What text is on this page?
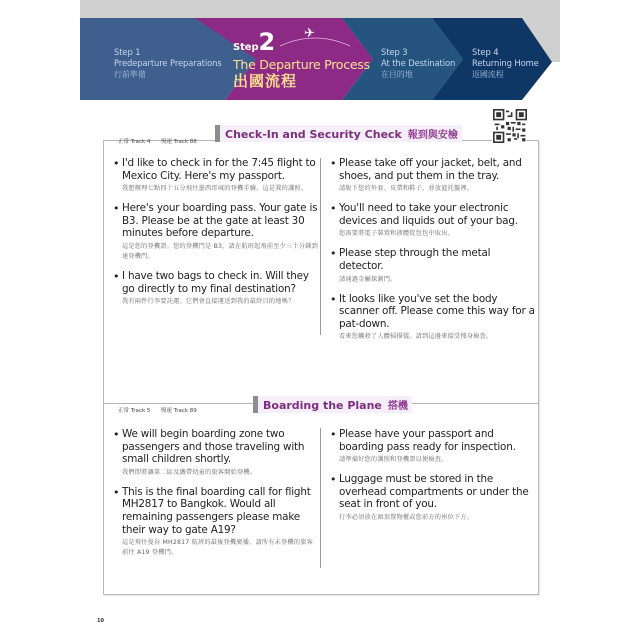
✈
Step 1
Predeparture Preparations
行前準備
Step2
The Departure Process
出國流程
Step 3
At the Destination
在目的地
Step 4
Returning Home
返國流程
正常 Track 4 慢速 Track 88
Check-In and Security Check 報到與安檢
• I'd like to check in for the 7:45 flight to Mexico City. Here's my passport.
我想辦理七點四十五分飛往墨西哥城的登機手續。這是我的護照。
• Here's your boarding pass. Your gate is B3. Please be at the gate at least 30 minutes before departure.
這是您的登機證。您的登機門是 B3。請在航班起飛前至少三十分鐘到達登機門。
• I have two bags to check in. Will they go directly to my final destination?
我有兩件行李要託運。它們會直接運送到我的最終目的地嗎？
• Please take off your jacket, belt, and shoes, and put them in the tray.
請脫下您的外套、皮帶和鞋子，並放進托盤裡。
• You'll need to take your electronic devices and liquids out of your bag.
您需要將電子裝置和液體從包包中取出。
• Please step through the metal detector.
請通過金屬探測門。
• It looks like you've set the body scanner off. Please come this way for a pat-down.
看來您觸發了人體掃描儀。請到這邊來接受搜身檢查。
正常 Track 5 慢速 Track 89	Boarding the Plane 搭機
• We will begin boarding zone two passengers and those traveling with small children shortly.
我們即將讓第二區及攜帶幼童的旅客開始登機。
• This is the final boarding call for flight MH2817 to Bangkok. Would all remaining passengers please make their way to gate A19?
這是飛往曼谷 MH2817 航班的最後登機廣播。請所有未登機的旅客前往 A19 登機門。
• Please have your passport and boarding pass ready for inspection.
請準備好您的護照和登機證以便檢查。
• Luggage must be stored in the overhead compartments or under the seat in front of you.
行李必須放在頭頂置物櫃或您前方的座位下方。
10
